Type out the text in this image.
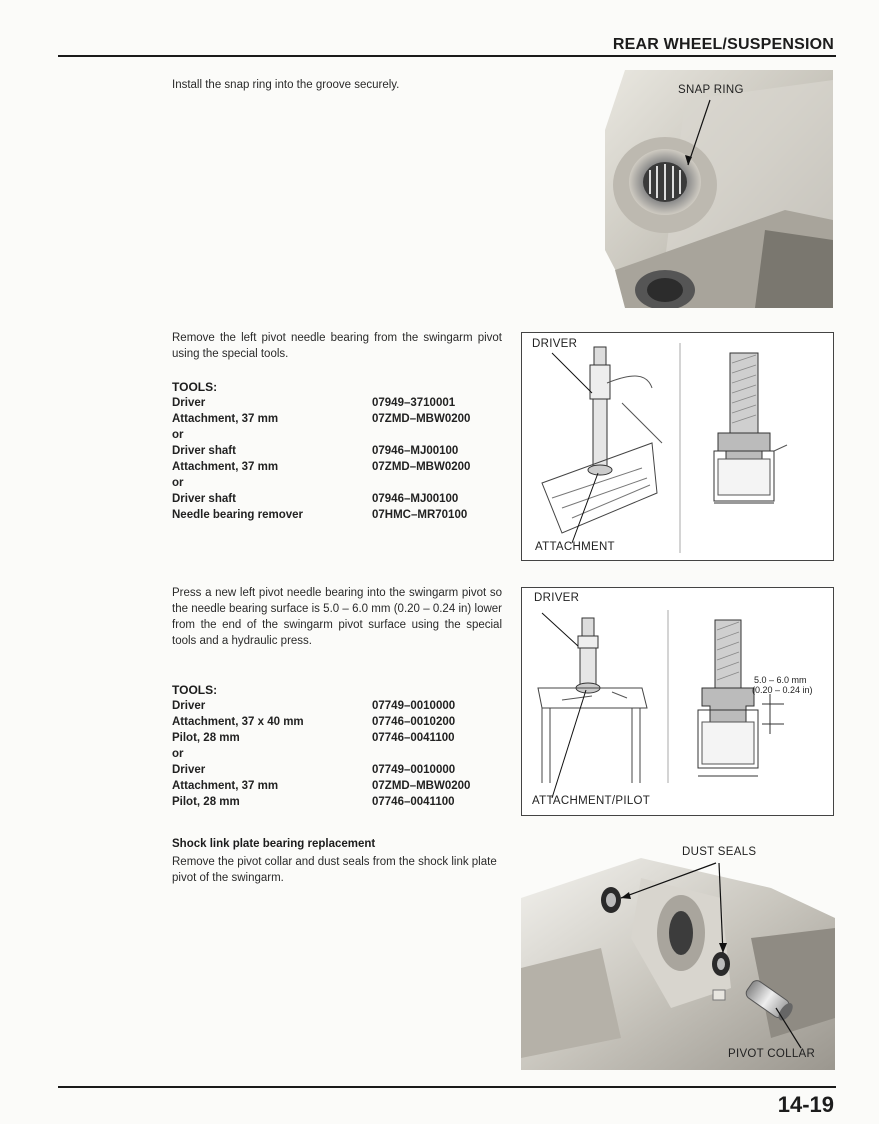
REAR WHEEL/SUSPENSION
Install the snap ring into the groove securely.	SNAP RING
Remove the left pivot needle bearing from the swingarm pivot using the special tools.
TOOLS:
Driver	07949–3710001
Attachment, 37 mm	07ZMD–MBW0200
or
Driver shaft	07946–MJ00100
Attachment, 37 mm	07ZMD–MBW0200
or
Driver shaft	07946–MJ00100
Needle bearing remover	07HMC–MR70100
DRIVER
ATTACHMENT
Press a new left pivot needle bearing into the swingarm pivot so the needle bearing surface is 5.0 – 6.0 mm (0.20 – 0.24 in) lower from the end of the swingarm pivot surface using the special tools and a hydraulic press.
TOOLS:
Driver	07749–0010000
Attachment, 37 x 40 mm	07746–0010200
Pilot, 28 mm	07746–0041100
or
Driver	07749–0010000
Attachment, 37 mm	07ZMD–MBW0200
Pilot, 28 mm	07746–0041100
DRIVER
ATTACHMENT/PILOT
5.0 – 6.0 mm
(0.20 – 0.24 in)
Shock link plate bearing replacement
Remove the pivot collar and dust seals from the shock link plate pivot of the swingarm.
DUST SEALS
PIVOT COLLAR
14-19
